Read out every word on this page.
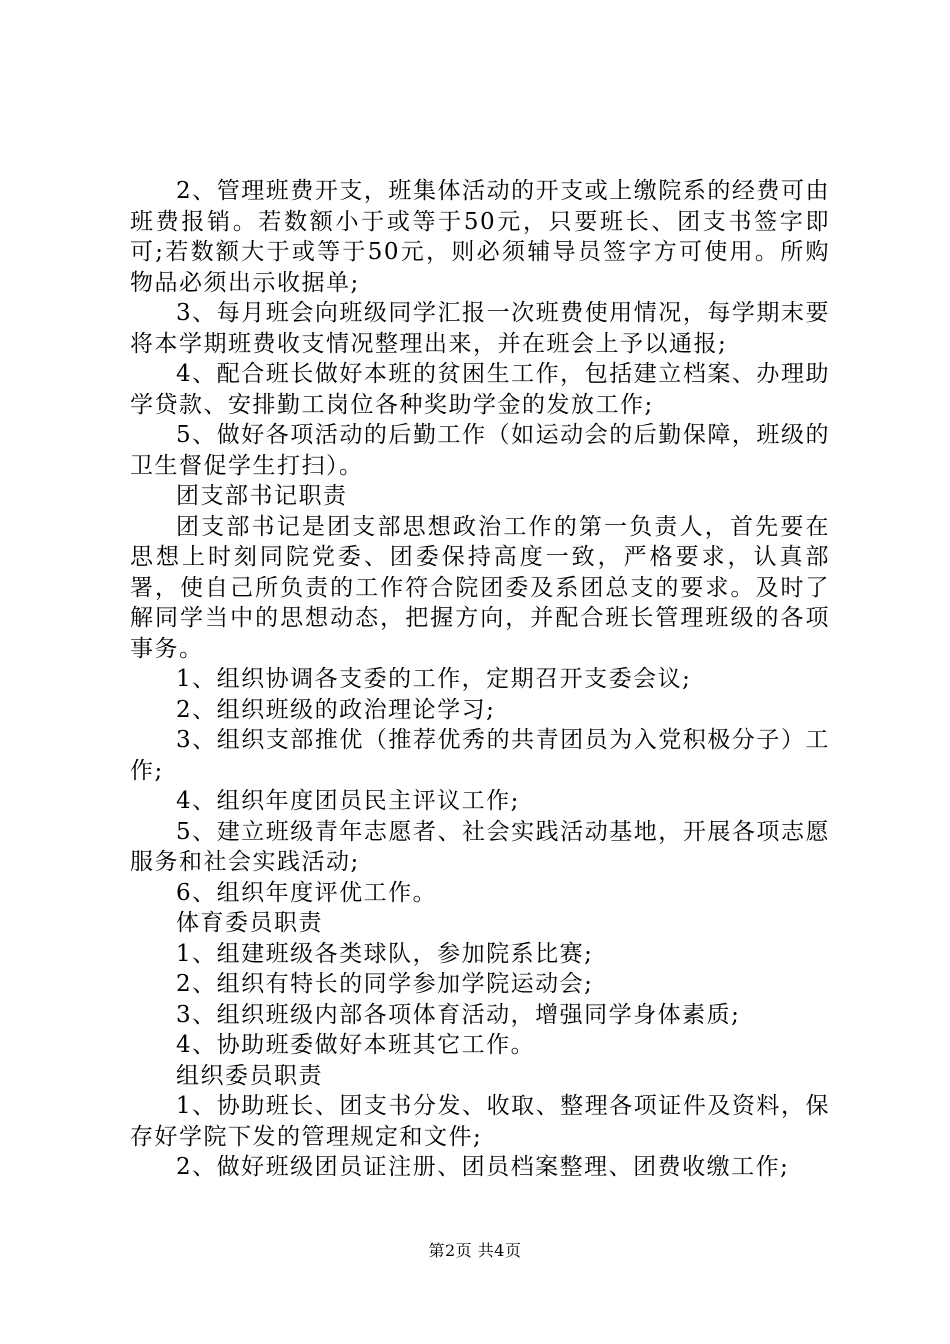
2、管理班费开支，班集体活动的开支或上缴院系的经费可由班费报销。若数额小于或等于50元，只要班长、团支书签字即可;若数额大于或等于50元，则必须辅导员签字方可使用。所购物品必须出示收据单;

3、每月班会向班级同学汇报一次班费使用情况，每学期末要将本学期班费收支情况整理出来，并在班会上予以通报;

4、配合班长做好本班的贫困生工作，包括建立档案、办理助学贷款、安排勤工岗位各种奖助学金的发放工作;

5、做好各项活动的后勤工作（如运动会的后勤保障，班级的卫生督促学生打扫）。

团支部书记职责

团支部书记是团支部思想政治工作的第一负责人，首先要在思想上时刻同院党委、团委保持高度一致，严格要求，认真部署，使自己所负责的工作符合院团委及系团总支的要求。及时了解同学当中的思想动态，把握方向，并配合班长管理班级的各项事务。

1、组织协调各支委的工作，定期召开支委会议;

2、组织班级的政治理论学习;

3、组织支部推优（推荐优秀的共青团员为入党积极分子）工作;

4、组织年度团员民主评议工作;

5、建立班级青年志愿者、社会实践活动基地，开展各项志愿服务和社会实践活动;

6、组织年度评优工作。

体育委员职责

1、组建班级各类球队，参加院系比赛;

2、组织有特长的同学参加学院运动会;

3、组织班级内部各项体育活动，增强同学身体素质;

4、协助班委做好本班其它工作。

组织委员职责

1、协助班长、团支书分发、收取、整理各项证件及资料，保存好学院下发的管理规定和文件;

2、做好班级团员证注册、团员档案整理、团费收缴工作;

第2页 共4页
